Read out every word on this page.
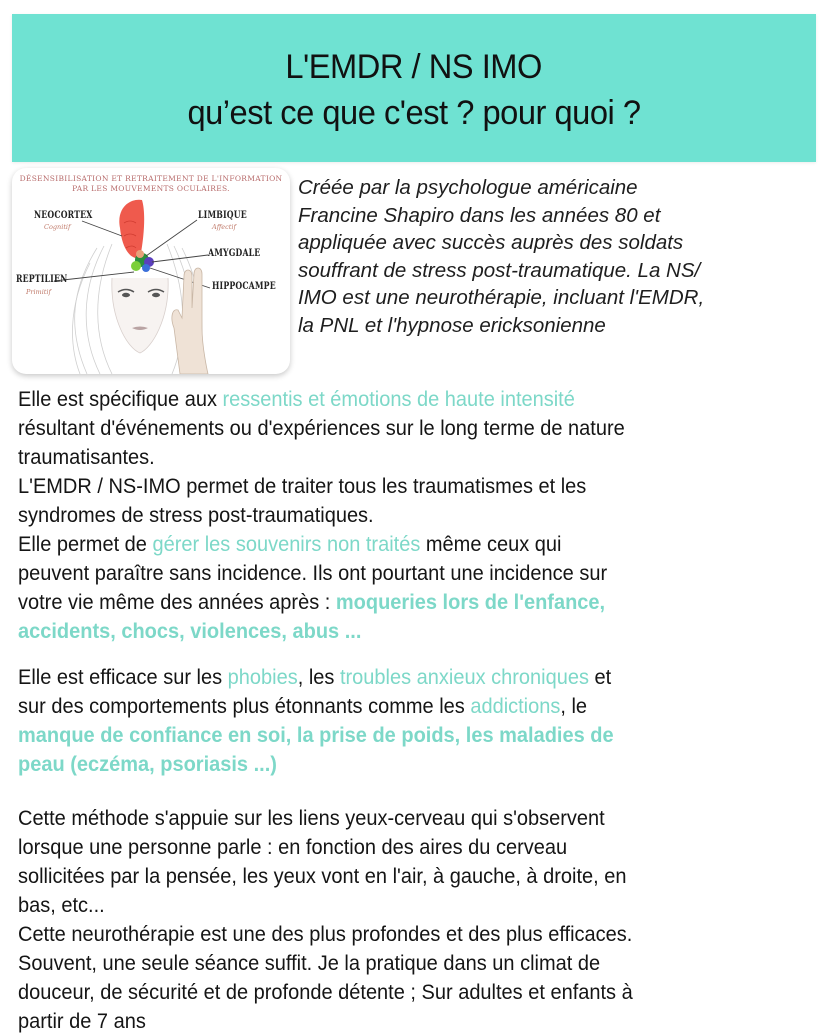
L'EMDR / NS IMO
qu’est ce que c'est ? pour quoi ?
DÉSENSIBILISATION ET RETRAITEMENT DE L'INFORMATION
PAR LES MOUVEMENTS OCULAIRES.
NEOCORTEX
Cognitif
LIMBIQUE
Affectif
AMYGDALE
REPTILIEN
Primitif	HIPPOCAMPE
Créée par la psychologue américaine
Francine Shapiro dans les années 80 et
appliquée avec succès auprès des soldats
souffrant de stress post-traumatique. La NS/
IMO est une neurothérapie, incluant l'EMDR,
la PNL et l'hypnose ericksonienne
Elle est spécifique aux ressentis et émotions de haute intensité
résultant d'événements ou d'expériences sur le long terme de nature
traumatisantes.
L'EMDR / NS-IMO permet de traiter tous les traumatismes et les
syndromes de stress post-traumatiques.
Elle permet de gérer les souvenirs non traités même ceux qui
peuvent paraître sans incidence. Ils ont pourtant une incidence sur
votre vie même des années après : moqueries lors de l'enfance,
accidents, chocs, violences, abus ...
Elle est efficace sur les phobies, les troubles anxieux chroniques et
sur des comportements plus étonnants comme les addictions, le
manque de confiance en soi, la prise de poids, les maladies de
peau (eczéma, psoriasis ...)
Cette méthode s'appuie sur les liens yeux-cerveau qui s'observent
lorsque une personne parle : en fonction des aires du cerveau
sollicitées par la pensée, les yeux vont en l'air, à gauche, à droite, en
bas, etc...
Cette neurothérapie est une des plus profondes et des plus efficaces.
Souvent, une seule séance suffit. Je la pratique dans un climat de
douceur, de sécurité et de profonde détente ; Sur adultes et enfants à
partir de 7 ans
